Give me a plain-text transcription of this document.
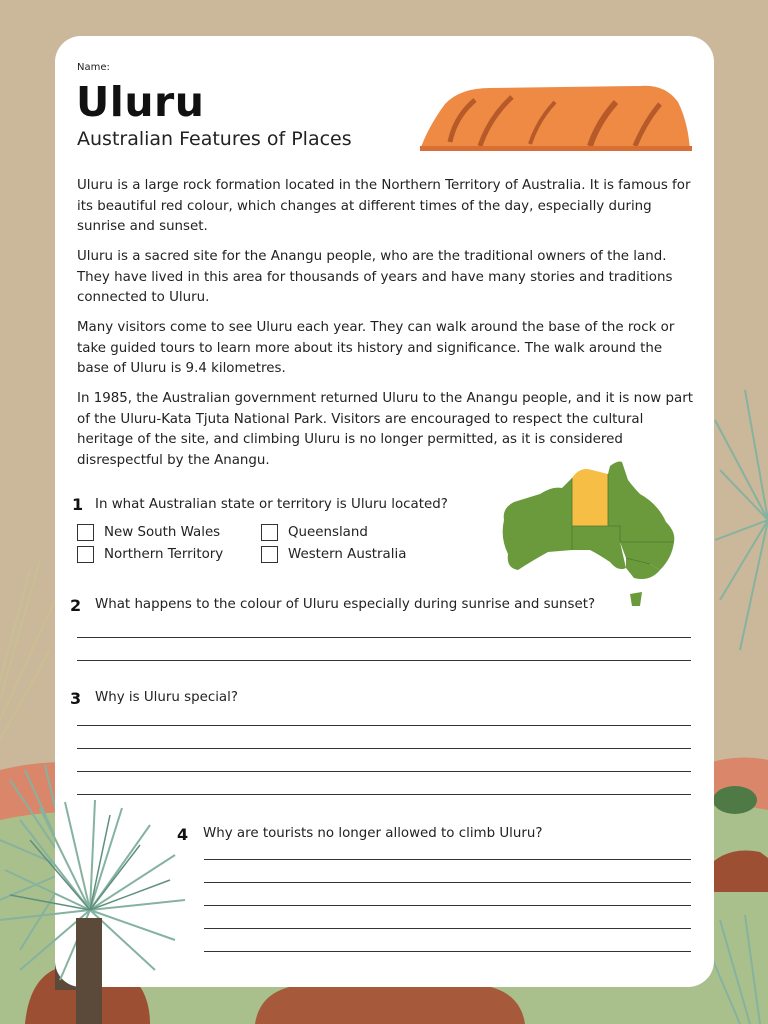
Name:
Uluru
Australian Features of Places
Uluru is a large rock formation located in the Northern Territory of Australia. It is famous for its beautiful red colour, which changes at different times of the day, especially during sunrise and sunset.
Uluru is a sacred site for the Anangu people, who are the traditional owners of the land. They have lived in this area for thousands of years and have many stories and traditions connected to Uluru.
Many visitors come to see Uluru each year. They can walk around the base of the rock or take guided tours to learn more about its history and significance. The walk around the base of Uluru is 9.4 kilometres.
In 1985, the Australian government returned Uluru to the Anangu people, and it is now part of the Uluru-Kata Tjuta National Park. Visitors are encouraged to respect the cultural heritage of the site, and climbing Uluru is no longer permitted, as it is considered disrespectful by the Anangu.
1 In what Australian state or territory is Uluru located?
New South Wales
Northern Territory
Queensland
Western Australia
2 What happens to the colour of Uluru especially during sunrise and sunset?
3 Why is Uluru special?
4 Why are tourists no longer allowed to climb Uluru?
